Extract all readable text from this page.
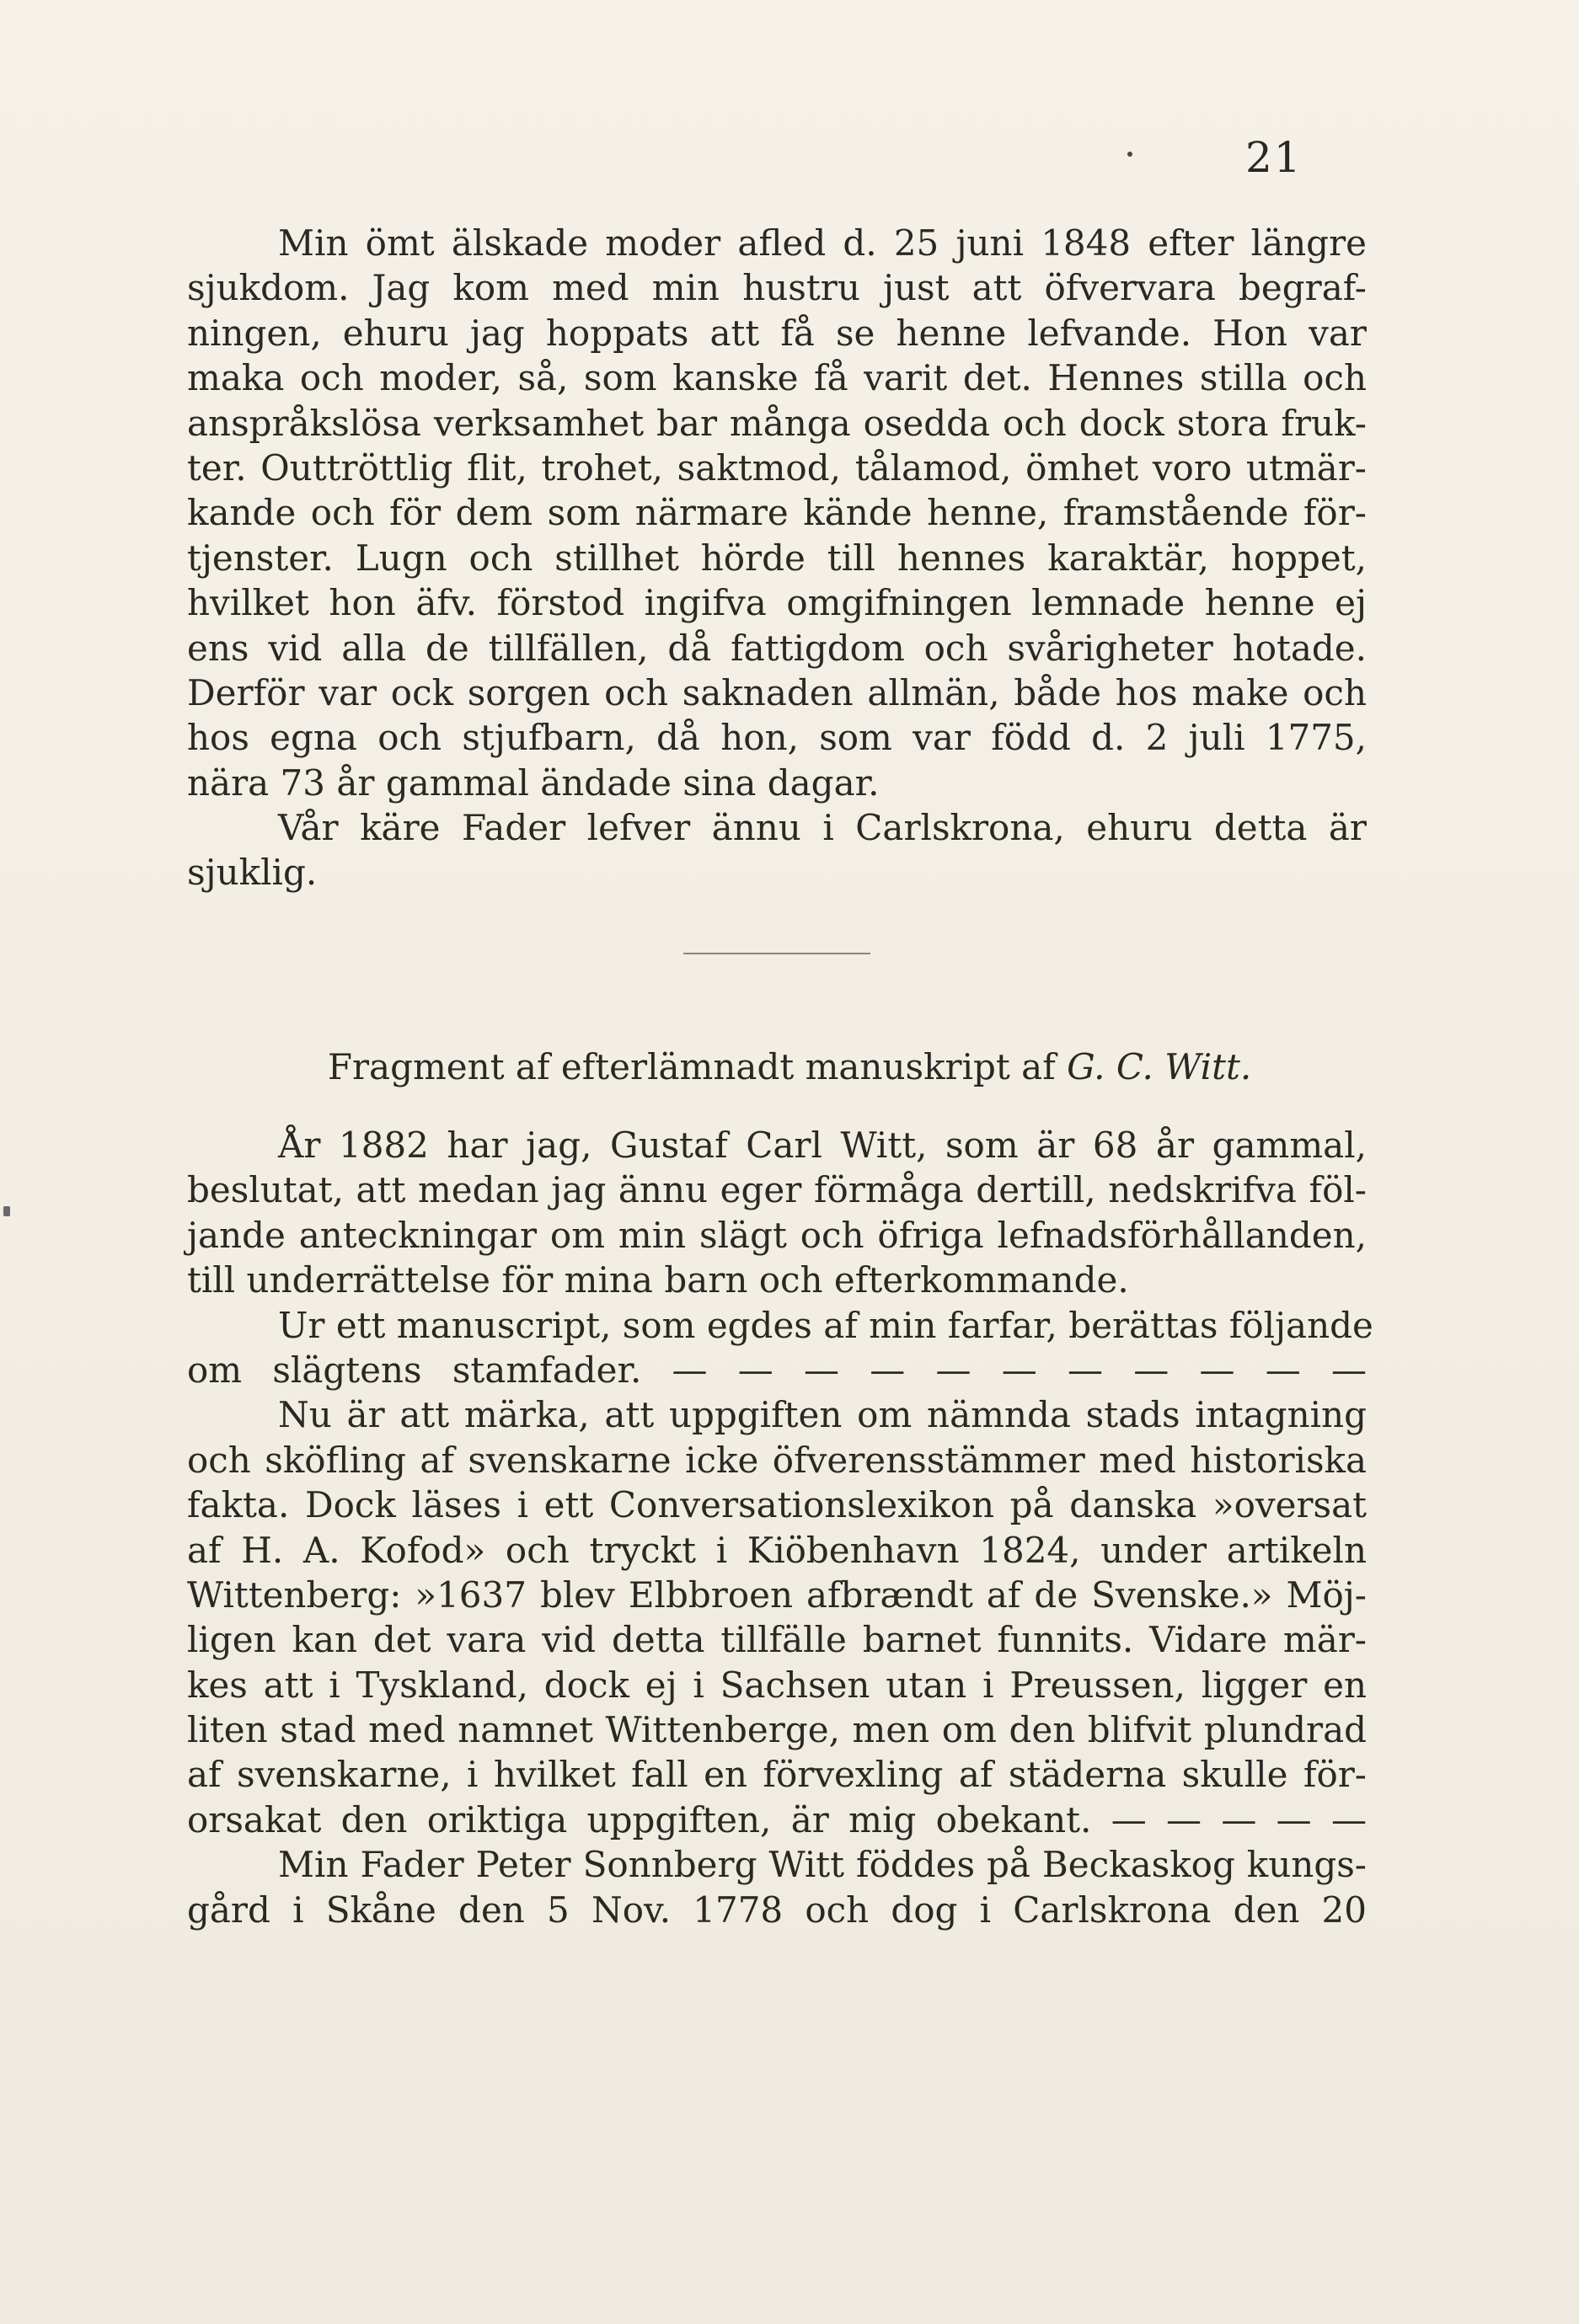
21
Min ömt älskade moder afled d. 25 juni 1848 efter längre
sjukdom. Jag kom med min hustru just att öfvervara begraf-
ningen, ehuru jag hoppats att få se henne lefvande. Hon var
maka och moder, så, som kanske få varit det. Hennes stilla och
anspråkslösa verksamhet bar många osedda och dock stora fruk-
ter. Outtröttlig flit, trohet, saktmod, tålamod, ömhet voro utmär-
kande och för dem som närmare kände henne, framstående för-
tjenster. Lugn och stillhet hörde till hennes karaktär, hoppet,
hvilket hon äfv. förstod ingifva omgifningen lemnade henne ej
ens vid alla de tillfällen, då fattigdom och svårigheter hotade.
Derför var ock sorgen och saknaden allmän, både hos make och
hos egna och stjufbarn, då hon, som var född d. 2 juli 1775,
nära 73 år gammal ändade sina dagar.
Vår käre Fader lefver ännu i Carlskrona, ehuru detta är
sjuklig.
Fragment af efterlämnadt manuskript af G. C. Witt.
År 1882 har jag, Gustaf Carl Witt, som är 68 år gammal,
beslutat, att medan jag ännu eger förmåga dertill, nedskrifva föl-
jande anteckningar om min slägt och öfriga lefnadsförhållanden,
till underrättelse för mina barn och efterkommande.
Ur ett manuscript, som egdes af min farfar, berättas följande
om slägtens stamfader. — — — — — — — — — — —
Nu är att märka, att uppgiften om nämnda stads intagning
och sköfling af svenskarne icke öfverensstämmer med historiska
fakta. Dock läses i ett Conversationslexikon på danska »oversat
af H. A. Kofod» och tryckt i Kiöbenhavn 1824, under artikeln
Wittenberg: »1637 blev Elbbroen afbrændt af de Svenske.» Möj-
ligen kan det vara vid detta tillfälle barnet funnits. Vidare mär-
kes att i Tyskland, dock ej i Sachsen utan i Preussen, ligger en
liten stad med namnet Wittenberge, men om den blifvit plundrad
af svenskarne, i hvilket fall en förvexling af städerna skulle för-
orsakat den oriktiga uppgiften, är mig obekant. — — — — —
Min Fader Peter Sonnberg Witt föddes på Beckaskog kungs-
gård i Skåne den 5 Nov. 1778 och dog i Carlskrona den 20
